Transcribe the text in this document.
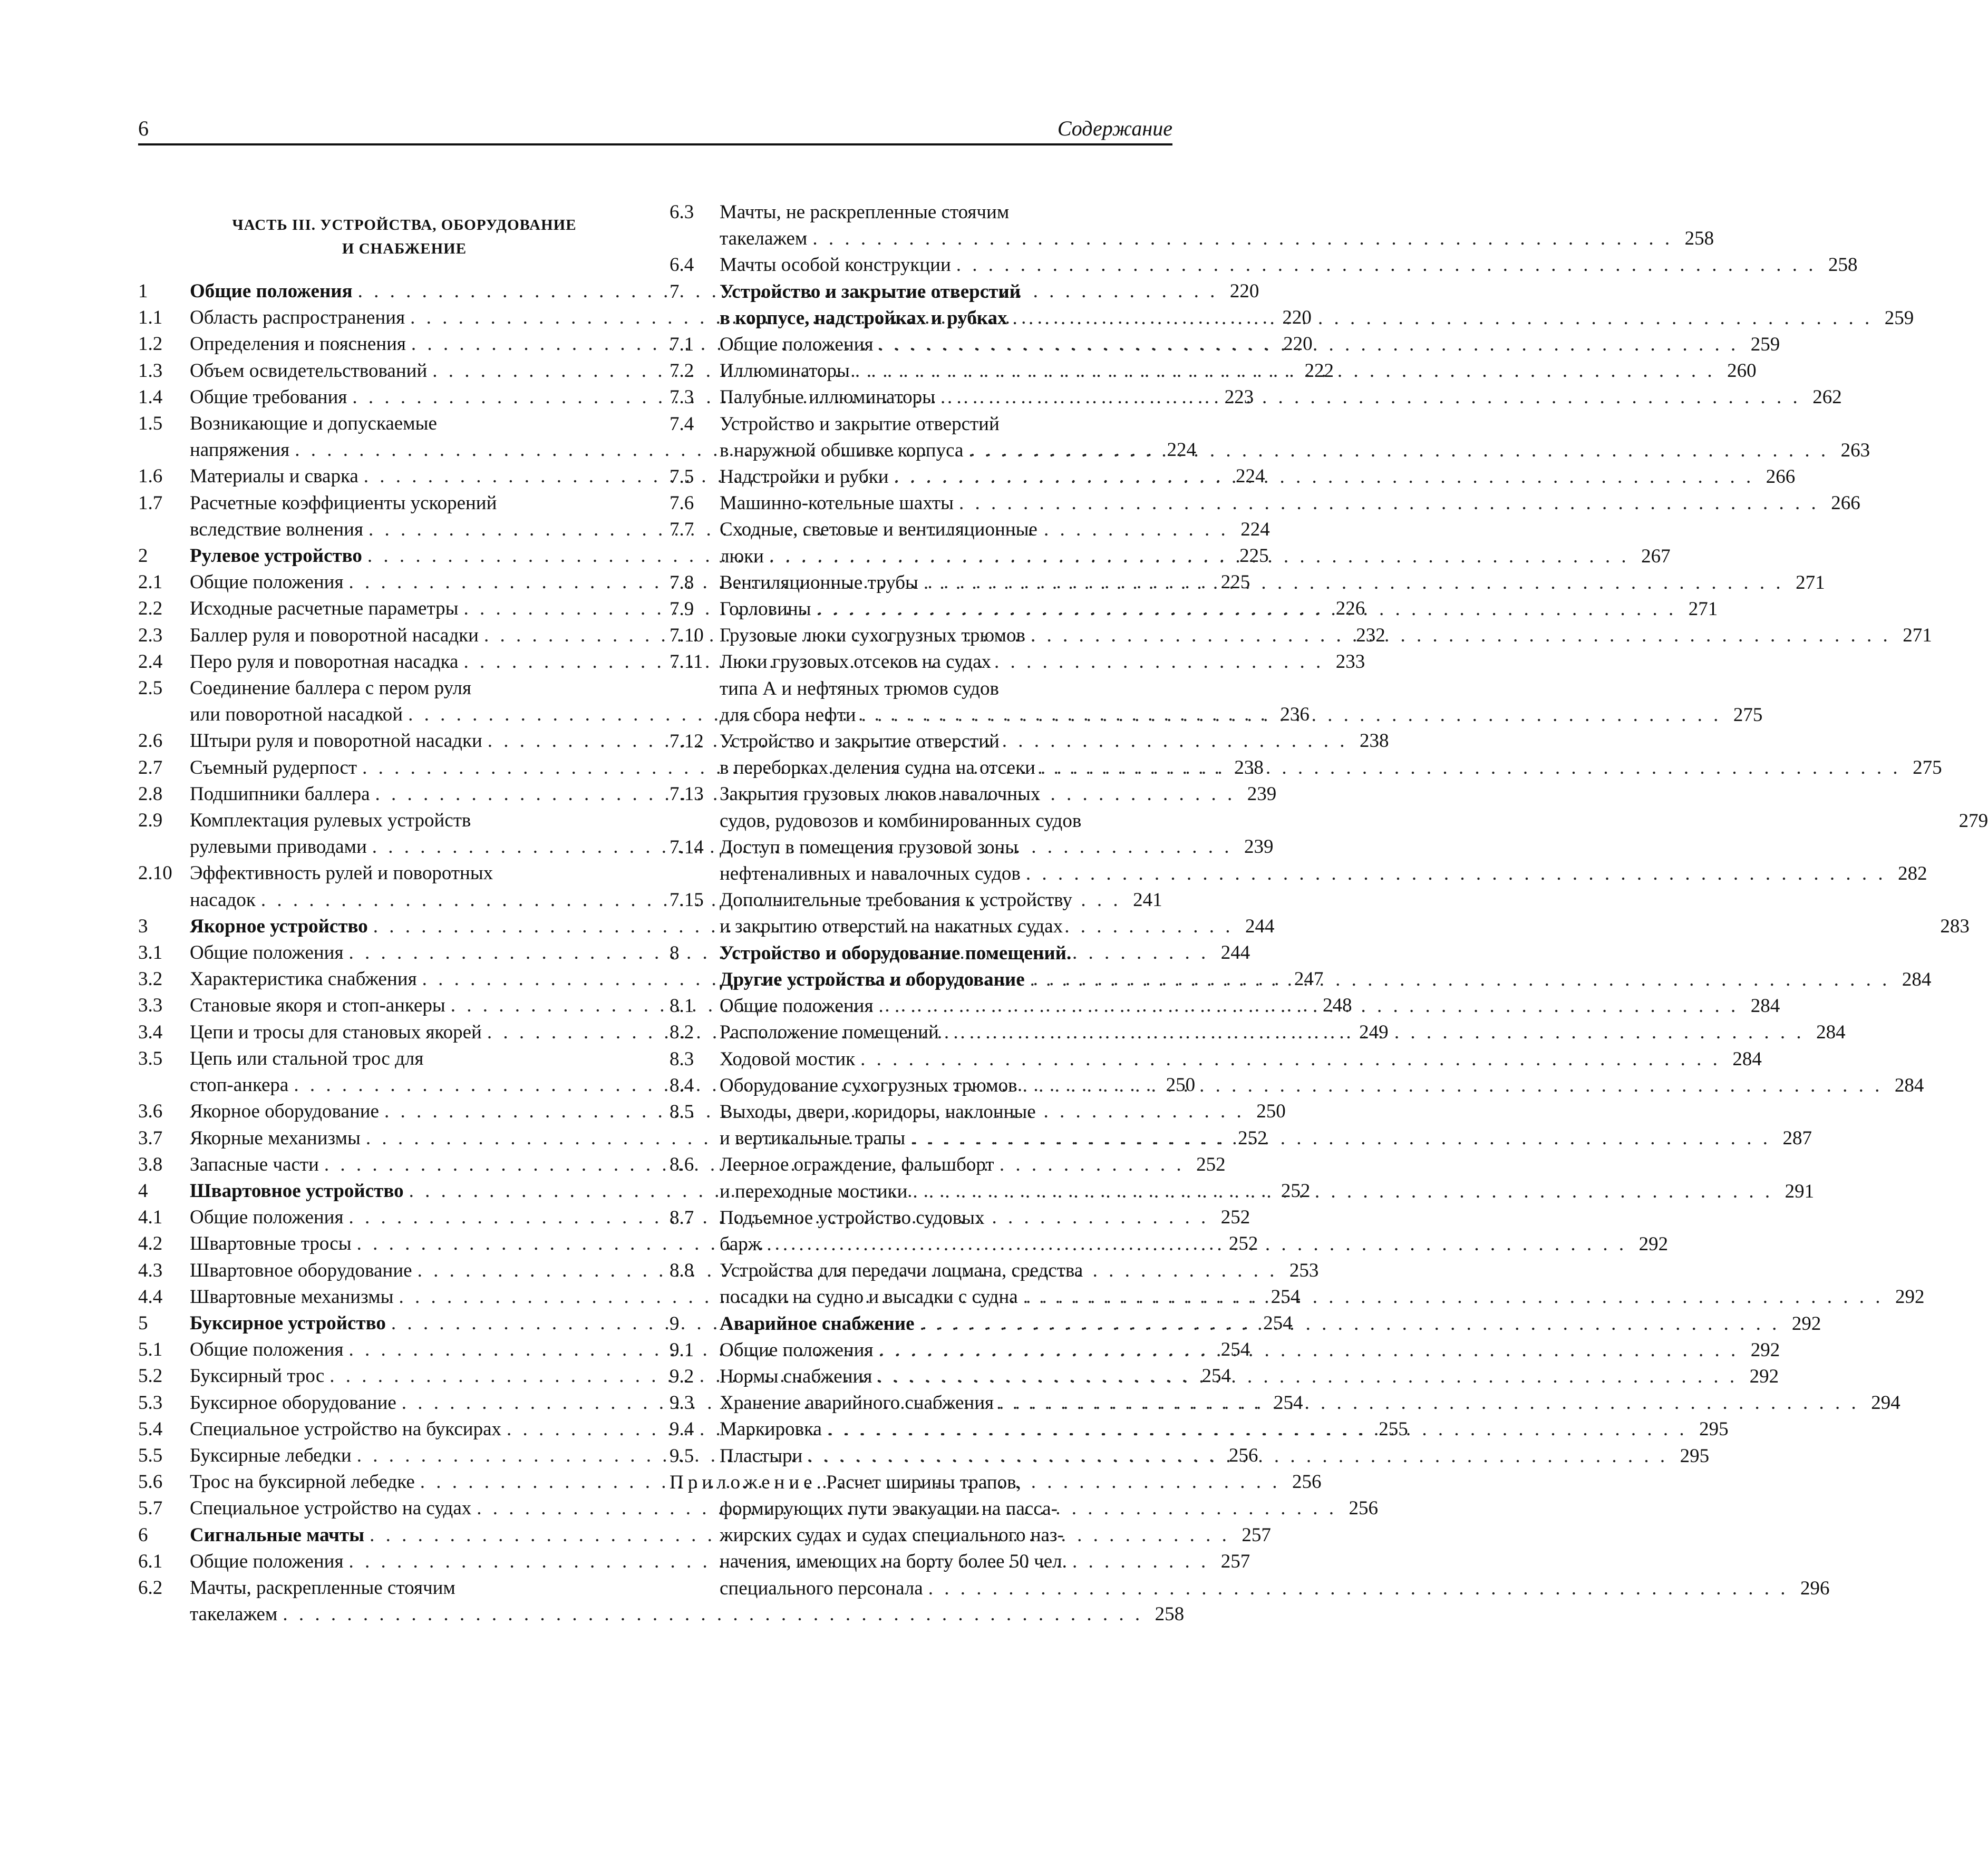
6	Содержание
ЧАСТЬ III. УСТРОЙСТВА, ОБОРУДОВАНИЕ
И СНАБЖЕНИЕ
1	Общие положения . . .	220
1.1	Область распространения . . .	220
1.2	Определения и пояснения . . .	220
1.3	Объем освидетельствований . . .	222
1.4	Общие требования . . .	223
1.5	Возникающие и допускаемые
напряжения . . .	224
1.6	Материалы и сварка . . .	224
1.7	Расчетные коэффициенты ускорений
вследствие волнения . . .	224
2	Рулевое устройство . . .	225
2.1	Общие положения . . .	225
2.2	Исходные расчетные параметры . . .	226
2.3	Баллер руля и поворотной насадки . . .	232
2.4	Перо руля и поворотная насадка . . .	233
2.5	Соединение баллера с пером руля
или поворотной насадкой . . .	236
2.6	Штыри руля и поворотной насадки . . .	238
2.7	Съемный рудерпост . . .	238
2.8	Подшипники баллера . . .	239
2.9	Комплектация рулевых устройств
рулевыми приводами . . .	239
2.10 Эффективность рулей и поворотных
насадок . . .	241
3	Якорное устройство . . .	244
3.1	Общие положения . . .	244
3.2	Характеристика снабжения . . .	247
3.3	Становые якоря и стоп-анкеры . . .	248
3.4	Цепи и тросы для становых якорей . . .	249
3.5	Цепь или стальной трос для
стоп-анкера . . .	250
3.6	Якорное оборудование . . .	250
3.7	Якорные механизмы . . .	252
3.8	Запасные части . . .	252
4	Швартовное устройство . . .	252
4.1	Общие положения . . .	252
4.2	Швартовные тросы . . .	252
4.3	Швартовное оборудование . . .	253
4.4	Швартовные механизмы . . .	254
5	Буксирное устройство . . .	254
5.1	Общие положения . . .	254
5.2	Буксирный трос . . .	254
5.3	Буксирное оборудование . . .	254
5.4	Специальное устройство на буксирах . . .	255
5.5	Буксирные лебедки . . .	256
5.6	Трос на буксирной лебедке . . .	256
5.7	Специальное устройство на судах . . .	256
6	Сигнальные мачты . . .	257
6.1	Общие положения . . .	257
6.2	Мачты, раскрепленные стоячим
такелажем . . .	258
6.3	Мачты, не раскрепленные стоячим
такелажем . . .	258
6.4	Мачты особой конструкции . . .	258
7	Устройство и закрытие отверстий
в корпусе, надстройках и рубках . . .	259
7.1	Общие положения . . .	259
7.2	Иллюминаторы . . .	260
7.3	Палубные иллюминаторы . . .	262
7.4	Устройство и закрытие отверстий
в наружной обшивке корпуса . . .	263
7.5	Надстройки и рубки . . .	266
7.6	Машинно-котельные шахты . . .	266
7.7	Сходные, световые и вентиляционные
люки . . .	267
7.8	Вентиляционные трубы . . .	271
7.9	Горловины . . .	271
7.10 Грузовые люки сухогрузных трюмов . . .	271
7.11 Люки грузовых отсеков на судах
типа А и нефтяных трюмов судов
для сбора нефти . . .	275
7.12 Устройство и закрытие отверстий
в переборках деления судна на отсеки . . .	275
7.13 Закрытия грузовых люков навалочных
судов, рудовозов и комбинированных судов	279
7.14 Доступ в помещения грузовой зоны
нефтеналивных и навалочных судов . . .	282
7.15 Дополнительные требования к устройству
и закрытию отверстий на накатных судах	283
8	Устройство и оборудование помещений.
Другие устройства и оборудование . . .	284
8.1	Общие положения . . .	284
8.2	Расположение помещений . . .	284
8.3	Ходовой мостик . . .	284
8.4	Оборудование сухогрузных трюмов . . .	284
8.5	Выходы, двери, коридоры, наклонные
и вертикальные трапы . . .	287
8.6	Леерное ограждение, фальшборт
и переходные мостики . . .	291
8.7	Подъемное устройство судовых
барж . . .	292
8.8	Устройства для передачи лоцмана, средства
посадки на судно и высадки с судна . . .	292
9	Аварийное снабжение . . .	292
9.1	Общие положения . . .	292
9.2	Нормы снабжения . . .	292
9.3	Хранение аварийного снабжения . . .	294
9.4	Маркировка . . .	295
9.5	Пластыри . . .	295
Приложение. Расчет ширины трапов,
формирующих пути эвакуации на пасса-
жирских судах и судах специального наз-
начения, имеющих на борту более 50 чел.
специального персонала . . .	296
